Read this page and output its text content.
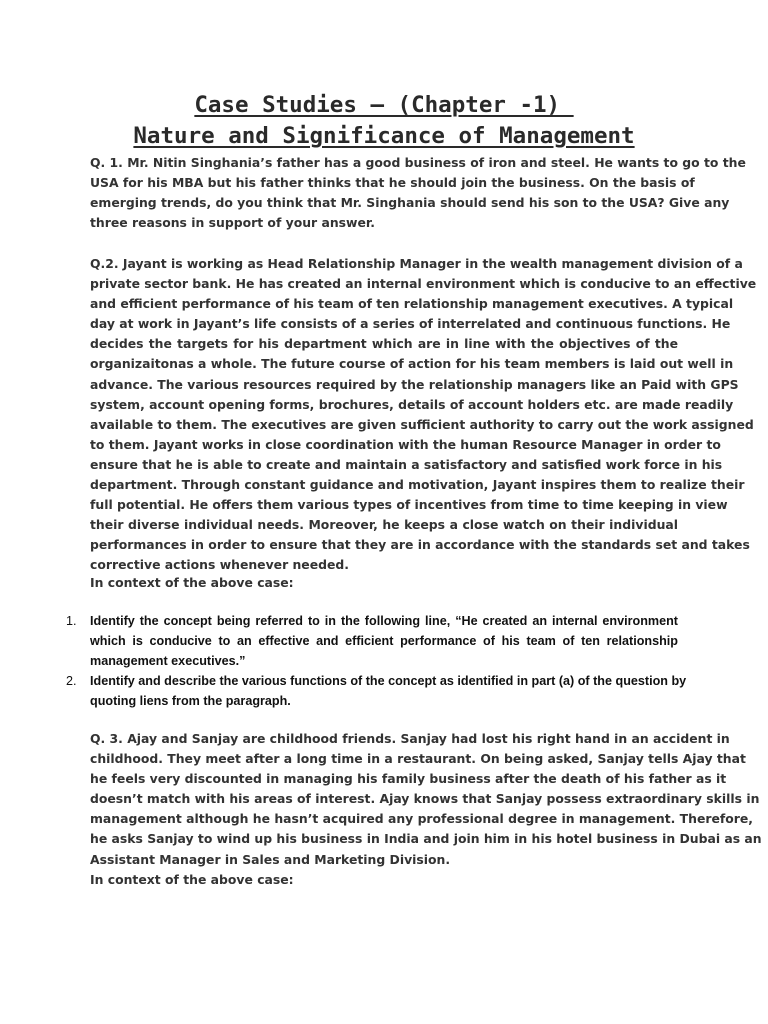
Case Studies – (Chapter -1)
Nature and Significance of Management
Q. 1. Mr. Nitin Singhania’s father has a good business of iron and steel. He wants to go to the
USA for his MBA but his father thinks that he should join the business. On the basis of
emerging trends, do you think that Mr. Singhania should send his son to the USA? Give any
three reasons in support of your answer.
Q.2. Jayant is working as Head Relationship Manager in the wealth management division of a
private sector bank. He has created an internal environment which is conducive to an effective
and efficient performance of his team of ten relationship management executives. A typical
day at work in Jayant’s life consists of a series of interrelated and continuous functions. He
decides the targets for his department which are in line with the objectives of the
organizaitonas a whole. The future course of action for his team members is laid out well in
advance. The various resources required by the relationship managers like an Paid with GPS
system, account opening forms, brochures, details of account holders etc. are made readily
available to them. The executives are given sufficient authority to carry out the work assigned
to them. Jayant works in close coordination with the human Resource Manager in order to
ensure that he is able to create and maintain a satisfactory and satisfied work force in his
department. Through constant guidance and motivation, Jayant inspires them to realize their
full potential. He offers them various types of incentives from time to time keeping in view
their diverse individual needs. Moreover, he keeps a close watch on their individual
performances in order to ensure that they are in accordance with the standards set and takes
corrective actions whenever needed.

In context of the above case:

1.	Identify the concept being referred to in the following line, “He created an internal environment
which is conducive to an effective and efficient performance of his team of ten relationship
management executives.”
2.	Identify and describe the various functions of the concept as identified in part (a) of the question by
quoting liens from the paragraph.
Q. 3. Ajay and Sanjay are childhood friends. Sanjay had lost his right hand in an accident in
childhood. They meet after a long time in a restaurant. On being asked, Sanjay tells Ajay that
he feels very discounted in managing his family business after the death of his father as it
doesn’t match with his areas of interest. Ajay knows that Sanjay possess extraordinary skills in
management although he hasn’t acquired any professional degree in management. Therefore,
he asks Sanjay to wind up his business in India and join him in his hotel business in Dubai as an
Assistant Manager in Sales and Marketing Division.

In context of the above case:
